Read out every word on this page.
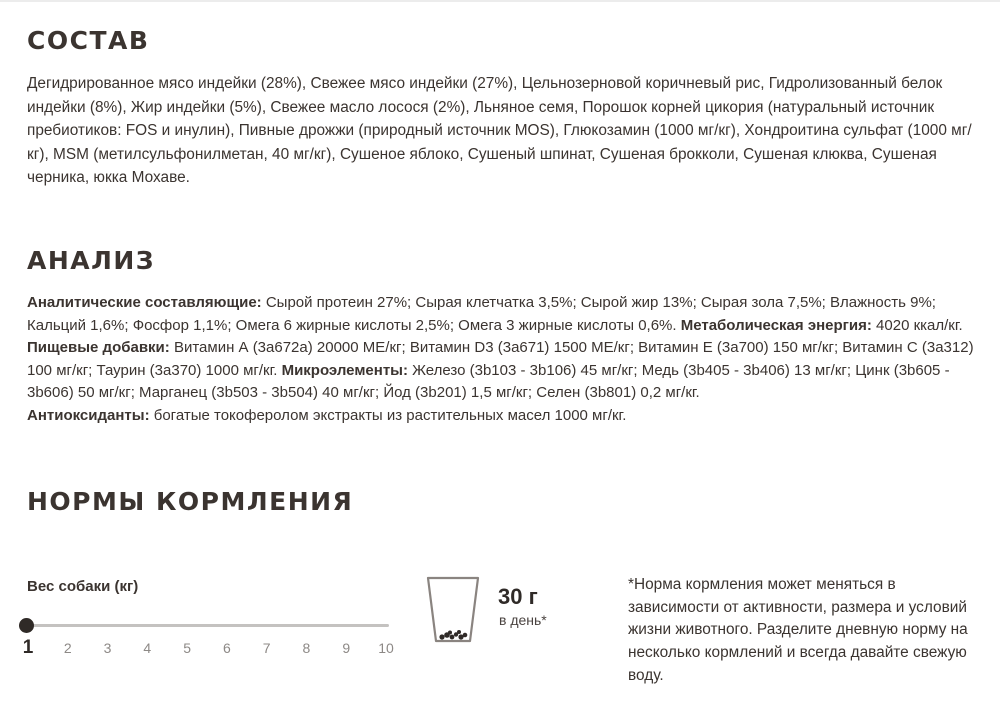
СОСТАВ

Дегидрированное мясо индейки (28%), Свежее мясо индейки (27%), Цельнозерновой коричневый рис, Гидролизованный белок индейки (8%), Жир индейки (5%), Свежее масло лосося (2%), Льняное семя, Порошок корней цикория (натуральный источник пребиотиков: FOS и инулин), Пивные дрожжи (природный источник MOS), Глюкозамин (1000 мг/кг), Хондроитина сульфат (1000 мг/кг), MSM (метилсульфонилметан, 40 мг/кг), Сушеное яблоко, Сушеный шпинат, Сушеная брокколи, Сушеная клюква, Сушеная черника, юкка Мохаве.

АНАЛИЗ

Аналитические составляющие: Сырой протеин 27%; Сырая клетчатка 3,5%; Сырой жир 13%; Сырая зола 7,5%; Влажность 9%; Кальций 1,6%; Фосфор 1,1%; Омега 6 жирные кислоты 2,5%; Омега 3 жирные кислоты 0,6%. Метаболическая энергия: 4020 ккал/кг. Пищевые добавки: Витамин А (3a672a) 20000 МЕ/кг; Витамин D3 (3a671) 1500 МЕ/кг; Витамин Е (3a700) 150 мг/кг; Витамин С (3a312) 100 мг/кг; Таурин (3a370) 1000 мг/кг. Микроэлементы: Железо (3b103 - 3b106) 45 мг/кг; Медь (3b405 - 3b406) 13 мг/кг; Цинк (3b605 - 3b606) 50 мг/кг; Марганец (3b503 - 3b504) 40 мг/кг; Йод (3b201) 1,5 мг/кг; Селен (3b801) 0,2 мг/кг.
Антиоксиданты: богатые токоферолом экстракты из растительных масел 1000 мг/кг.

НОРМЫ КОРМЛЕНИЯ
Вес собаки (кг)
1 2 3 4 5 6 7 8 9 10
30 г
в день*

*Норма кормления может меняться в зависимости от активности, размера и условий жизни животного. Разделите дневную норму на несколько кормлений и всегда давайте свежую воду.
